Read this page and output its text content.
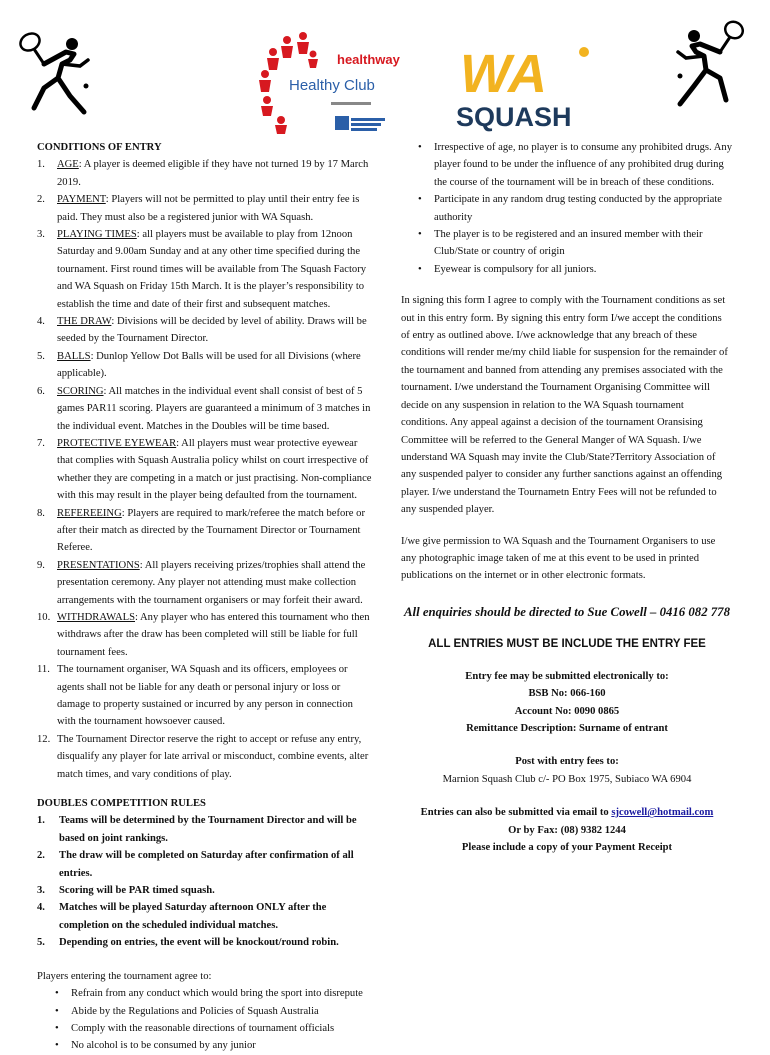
healthway
Healthy Club WA
SQUASH
CONDITIONS OF ENTRY
1. AGE: A player is deemed eligible if they have not turned 19 by 17 March 2019.
2. PAYMENT: Players will not be permitted to play until their entry fee is paid. They must also be a registered junior with WA Squash.
3. PLAYING TIMES: all players must be available to play from 12noon Saturday and 9.00am Sunday and at any other time specified during the tournament. First round times will be available from The Squash Factory and WA Squash on Friday 15th March. It is the player’s responsibility to establish the time and date of their first and subsequent matches.
4. THE DRAW: Divisions will be decided by level of ability. Draws will be seeded by the Tournament Director.
5. BALLS: Dunlop Yellow Dot Balls will be used for all Divisions (where applicable).
6. SCORING: All matches in the individual event shall consist of best of 5 games PAR11 scoring. Players are guaranteed a minimum of 3 matches in the individual event. Matches in the Doubles will be time based.
7. PROTECTIVE EYEWEAR: All players must wear protective eyewear that complies with Squash Australia policy whilst on court irrespective of whether they are competing in a match or just practising. Non-compliance with this may result in the player being defaulted from the tournament.
8. REFEREEING: Players are required to mark/referee the match before or after their match as directed by the Tournament Director or Tournament Referee.
9. PRESENTATIONS: All players receiving prizes/trophies shall attend the presentation ceremony. Any player not attending must make collection arrangements with the tournament organisers or may forfeit their award.
10. WITHDRAWALS: Any player who has entered this tournament who then withdraws after the draw has been completed will still be liable for full tournament fees.
11. The tournament organiser, WA Squash and its officers, employees or agents shall not be liable for any death or personal injury or loss or damage to property sustained or incurred by any person in connection with the tournament howsoever caused.
12. The Tournament Director reserve the right to accept or refuse any entry, disqualify any player for late arrival or misconduct, combine events, alter match times, and vary conditions of play.
DOUBLES COMPETITION RULES
1. Teams will be determined by the Tournament Director and will be based on joint rankings.
2. The draw will be completed on Saturday after confirmation of all entries.
3. Scoring will be PAR timed squash.
4. Matches will be played Saturday afternoon ONLY after the completion on the scheduled individual matches.
5. Depending on entries, the event will be knockout/round robin.
Players entering the tournament agree to:
• Refrain from any conduct which would bring the sport into disrepute
• Abide by the Regulations and Policies of Squash Australia
• Comply with the reasonable directions of tournament officials
• No alcohol is to be consumed by any junior
• Irrespective of age, no player is to consume any prohibited drugs. Any player found to be under the influence of any prohibited drug during the course of the tournament will be in breach of these conditions.
• Participate in any random drug testing conducted by the appropriate authority
• The player is to be registered and an insured member with their Club/State or country of origin
• Eyewear is compulsory for all juniors.

In signing this form I agree to comply with the Tournament conditions as set out in this entry form. By signing this entry form I/we accept the conditions of entry as outlined above. I/we acknowledge that any breach of these conditions will render me/my child liable for suspension for the remainder of the tournament and banned from attending any premises associated with the tournament. I/we understand the Tournament Organising Committee will decide on any suspension in relation to the WA Squash tournament conditions. Any appeal against a decision of the tournament Oransising Committee will be referred to the General Manger of WA Squash. I/we understand WA Squash may invite the Club/State?Territory Association of any suspended palyer to consider any further sanctions against an offending player. I/we understand the Tournametn Entry Fees will not be refunded to any suspended player.

I/we give permission to WA Squash and the Tournament Organisers to use any photographic image taken of me at this event to be used in printed publications on the internet or in other electronic formats.

All enquiries should be directed to Sue Cowell – 0416 082 778
ALL ENTRIES MUST BE INCLUDE THE ENTRY FEE
Entry fee may be submitted electronically to:
BSB No: 066-160
Account No: 0090 0865
Remittance Description: Surname of entrant
Post with entry fees to:
Marnion Squash Club c/- PO Box 1975, Subiaco WA 6904
Entries can also be submitted via email to sjcowell@hotmail.com
Or by Fax: (08) 9382 1244
Please include a copy of your Payment Receipt
